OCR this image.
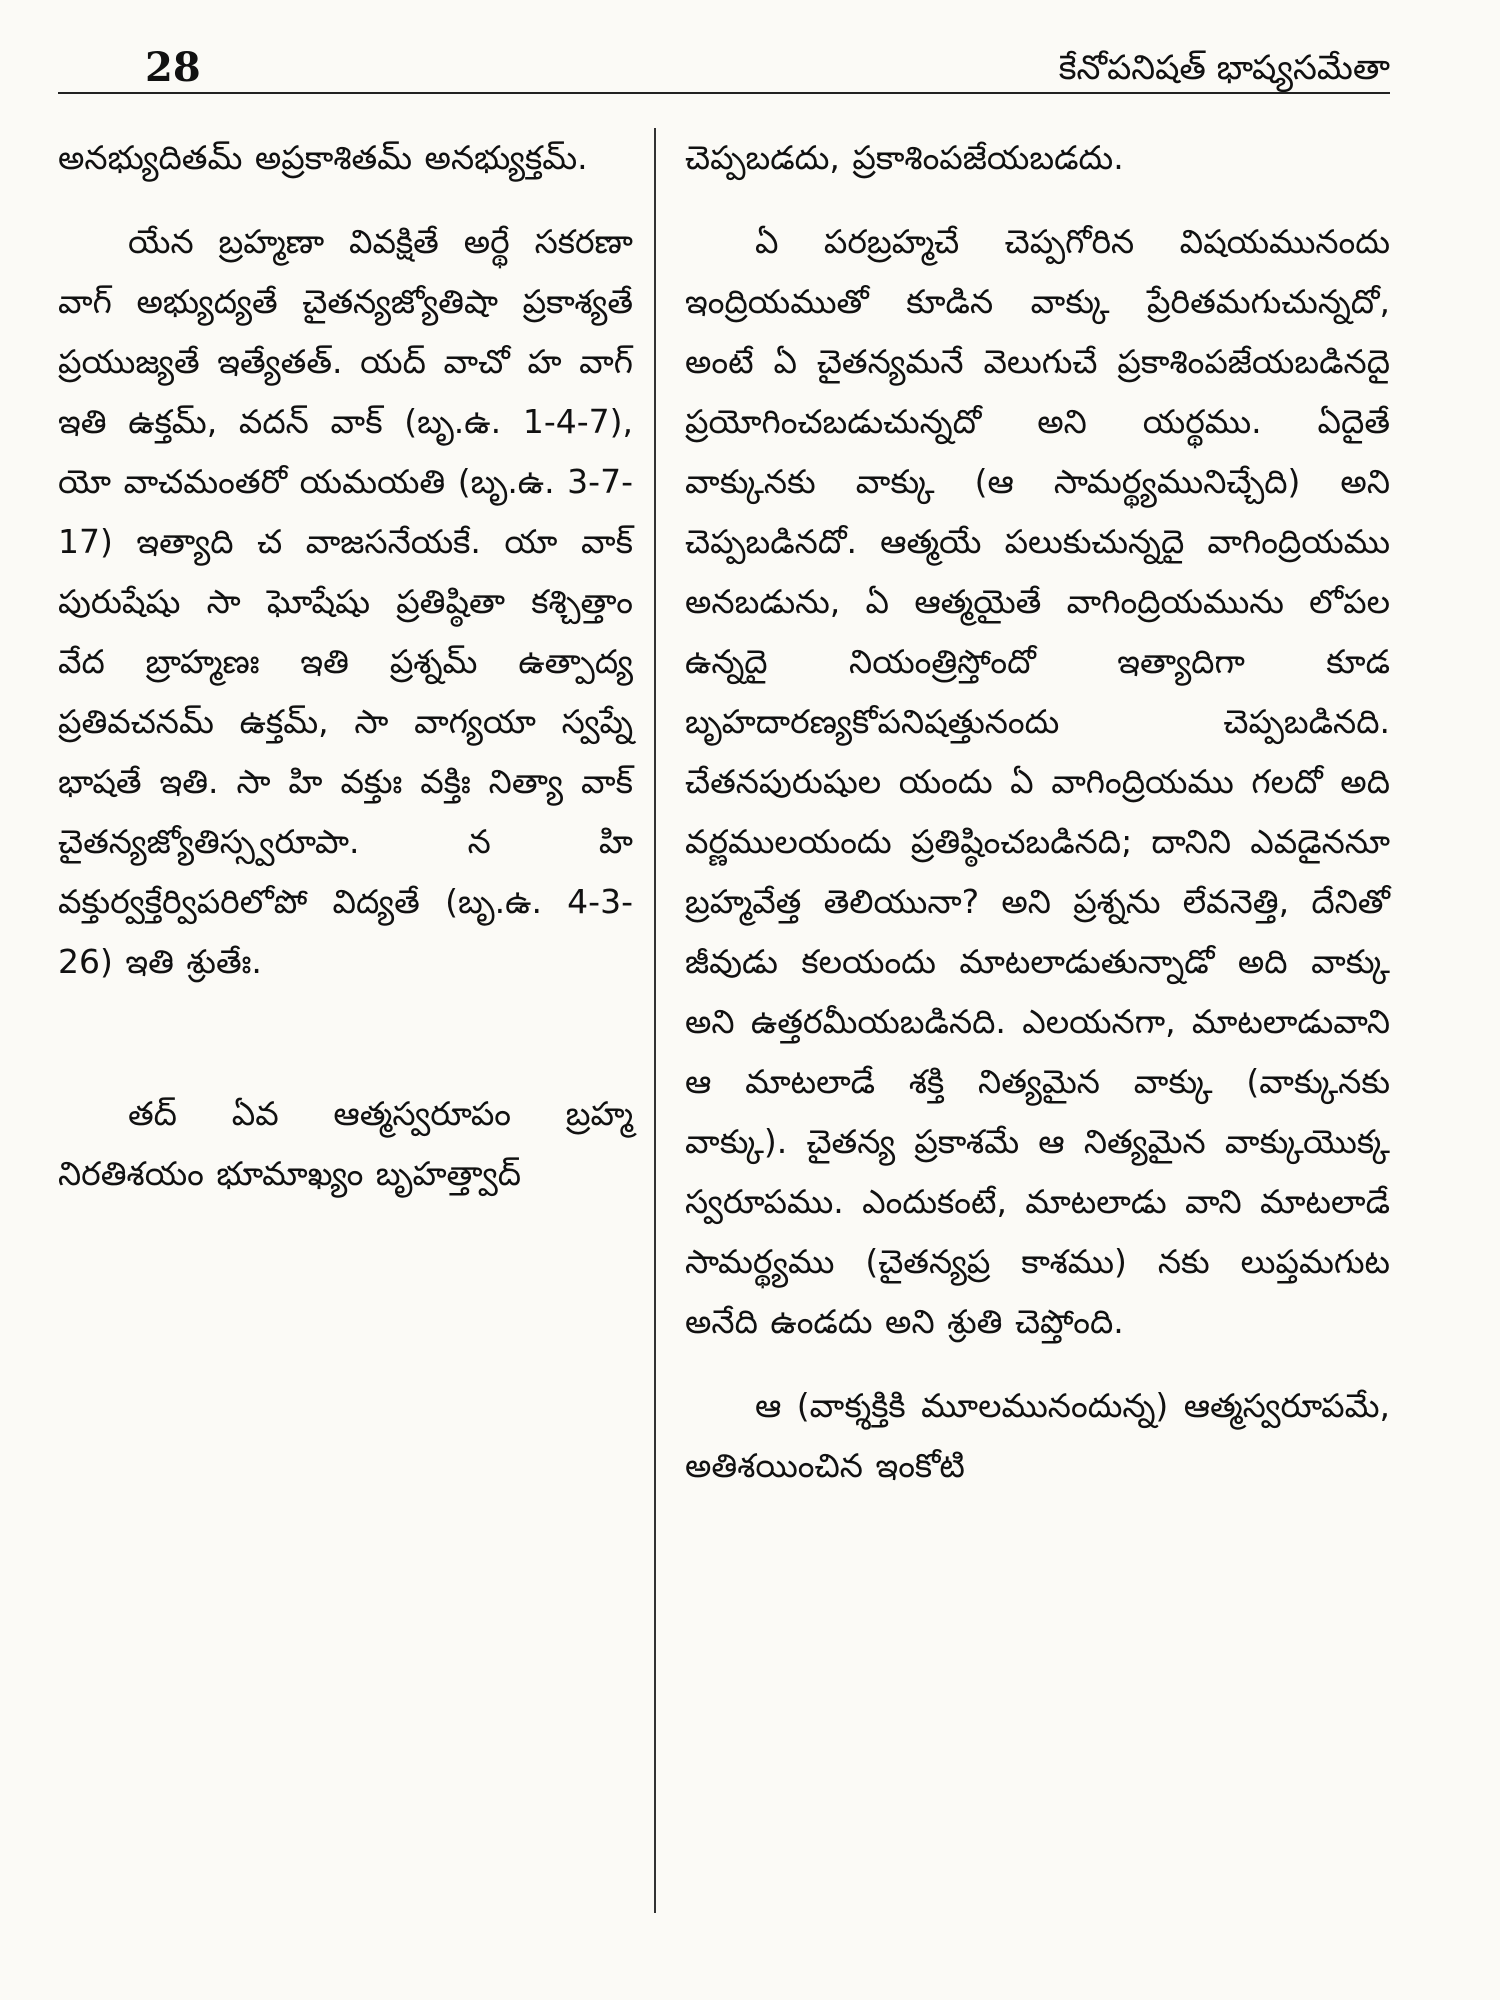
28	కేనోపనిషత్ భాష్యసమేతా

అనభ్యుదితమ్ అప్రకాశితమ్ అనభ్యుక్తమ్.

యేన బ్రహ్మణా వివక్షితే అర్థే సకరణా వాగ్ అభ్యుద్యతే చైతన్యజ్యోతిషా ప్రకాశ్యతే ప్రయుజ్యతే ఇత్యేతత్. యద్ వాచో హ వాగ్ ఇతి ఉక్తమ్, వదన్ వాక్ (బృ.ఉ. 1-4-7), యో వాచమంతరో యమయతి (బృ.ఉ. 3-7-17) ఇత్యాది చ వాజసనేయకే. యా వాక్ పురుషేషు సా ఘోషేషు ప్రతిష్ఠితా కశ్చిత్తాం వేద బ్రాహ్మణః ఇతి ప్రశ్నమ్ ఉత్పాద్య ప్రతివచనమ్ ఉక్తమ్, సా వాగ్యయా స్వప్నే భాషతే ఇతి. సా హి వక్తుః వక్తిః నిత్యా వాక్ చైతన్యజ్యోతిస్స్వరూపా. న హి వక్తుర్వక్తేర్విపరిలోపో విద్యతే (బృ.ఉ. 4-3-26) ఇతి శ్రుతేః.

తద్ ఏవ ఆత్మస్వరూపం బ్రహ్మ నిరతిశయం భూమాఖ్యం బృహత్త్వాద్

చెప్పబడదు, ప్రకాశింపజేయబడదు.

ఏ పరబ్రహ్మచే చెప్పగోరిన విషయమునందు ఇంద్రియముతో కూడిన వాక్కు ప్రేరితమగుచున్నదో, అంటే ఏ చైతన్యమనే వెలుగుచే ప్రకాశింపజేయబడినదై ప్రయోగించబడుచున్నదో అని యర్థము. ఏదైతే వాక్కునకు వాక్కు (ఆ సామర్థ్యమునిచ్చేది) అని చెప్పబడినదో. ఆత్మయే పలుకుచున్నదై వాగింద్రియము అనబడును, ఏ ఆత్మయైతే వాగింద్రియమును లోపల ఉన్నదై నియంత్రిస్తోందో ఇత్యాదిగా కూడ బృహదారణ్యకోపనిషత్తునందు చెప్పబడినది. చేతనపురుషుల యందు ఏ వాగింద్రియము గలదో అది వర్ణములయందు ప్రతిష్ఠించబడినది; దానిని ఎవడైననూ బ్రహ్మవేత్త తెలియునా? అని ప్రశ్నను లేవనెత్తి, దేనితో జీవుడు కలయందు మాటలాడుతున్నాడో అది వాక్కు అని ఉత్తరమీయబడినది. ఎలయనగా, మాటలాడువాని ఆ మాటలాడే శక్తి నిత్యమైన వాక్కు (వాక్కునకు వాక్కు). చైతన్య ప్రకాశమే ఆ నిత్యమైన వాక్కుయొక్క స్వరూపము. ఎందుకంటే, మాటలాడు వాని మాటలాడే సామర్థ్యము (చైతన్యప్ర కాశము) నకు లుప్తమగుట అనేది ఉండదు అని శ్రుతి చెప్తోంది.

ఆ (వాక్శక్తికి మూలమునందున్న) ఆత్మస్వరూపమే, అతిశయించిన ఇంకోటి
